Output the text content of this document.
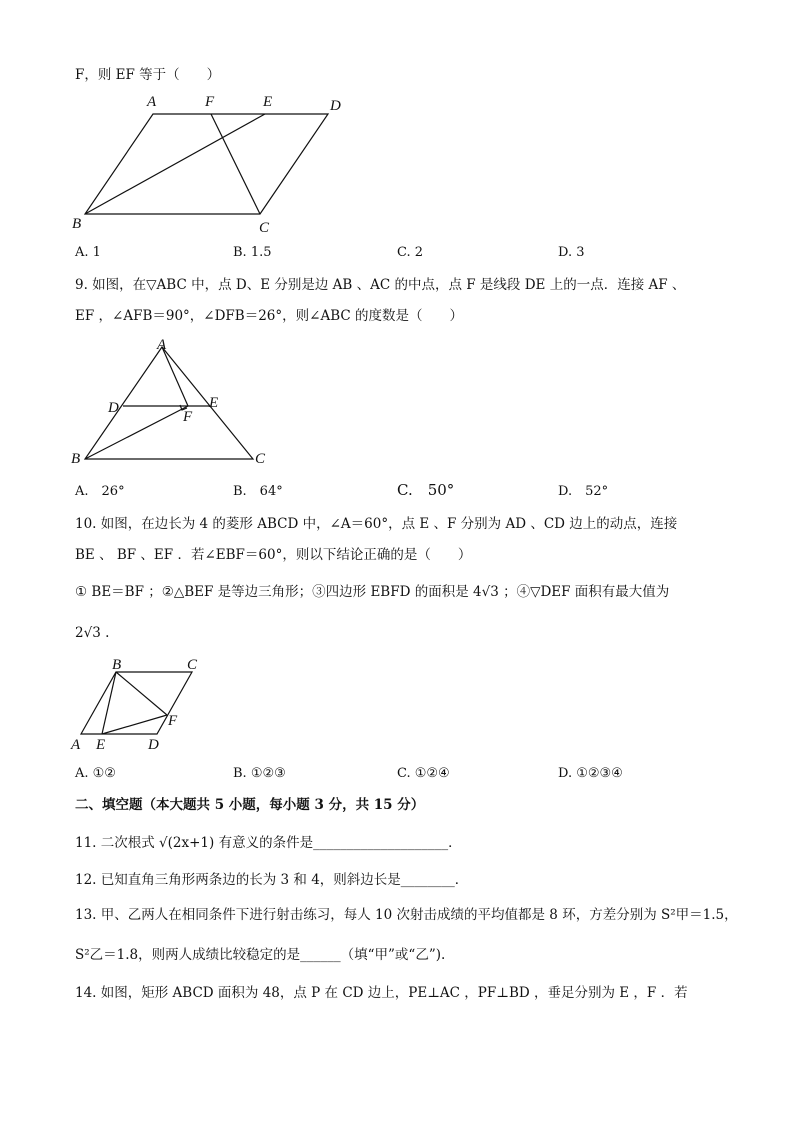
F，则 EF 等于（　　）
A	F	E	D
B	C
A. 1	B. 1.5	C. 2	D. 3
9. 如图，在▽ABC 中，点 D、E 分别是边 AB 、AC 的中点，点 F 是线段 DE 上的一点．连接 AF 、
EF ，∠AFB＝90°，∠DFB＝26°，则∠ABC 的度数是（　　）
A
D	E
F
B	C
A.　26°	B.　64°	C.　50°	D.　52°
10. 如图，在边长为 4 的菱形 ABCD 中，∠A＝60°，点 E 、F 分别为 AD 、CD 边上的动点，连接
BE 、 BF 、EF ．若∠EBF＝60°，则以下结论正确的是（　　）
① BE＝BF ；②△BEF 是等边三角形；③四边形 EBFD 的面积是 4√3 ；④▽DEF 面积有最大值为
2√3 .
B	C
F
A E	D
A. ①②	B. ①②③	C. ①②④	D. ①②③④
二、填空题（本大题共 5 小题，每小题 3 分，共 15 分）
11. 二次根式 √(2x+1) 有意义的条件是____________________．
12. 已知直角三角形两条边的长为 3 和 4，则斜边长是________．
13. 甲、乙两人在相同条件下进行射击练习，每人 10 次射击成绩的平均值都是 8 环，方差分别为 S²甲＝1.5，
S²乙＝1.8，则两人成绩比较稳定的是______（填“甲”或“乙”).
14. 如图，矩形 ABCD 面积为 48，点 P 在 CD 边上，PE⊥AC ，PF⊥BD ，垂足分别为 E ，F ．若
